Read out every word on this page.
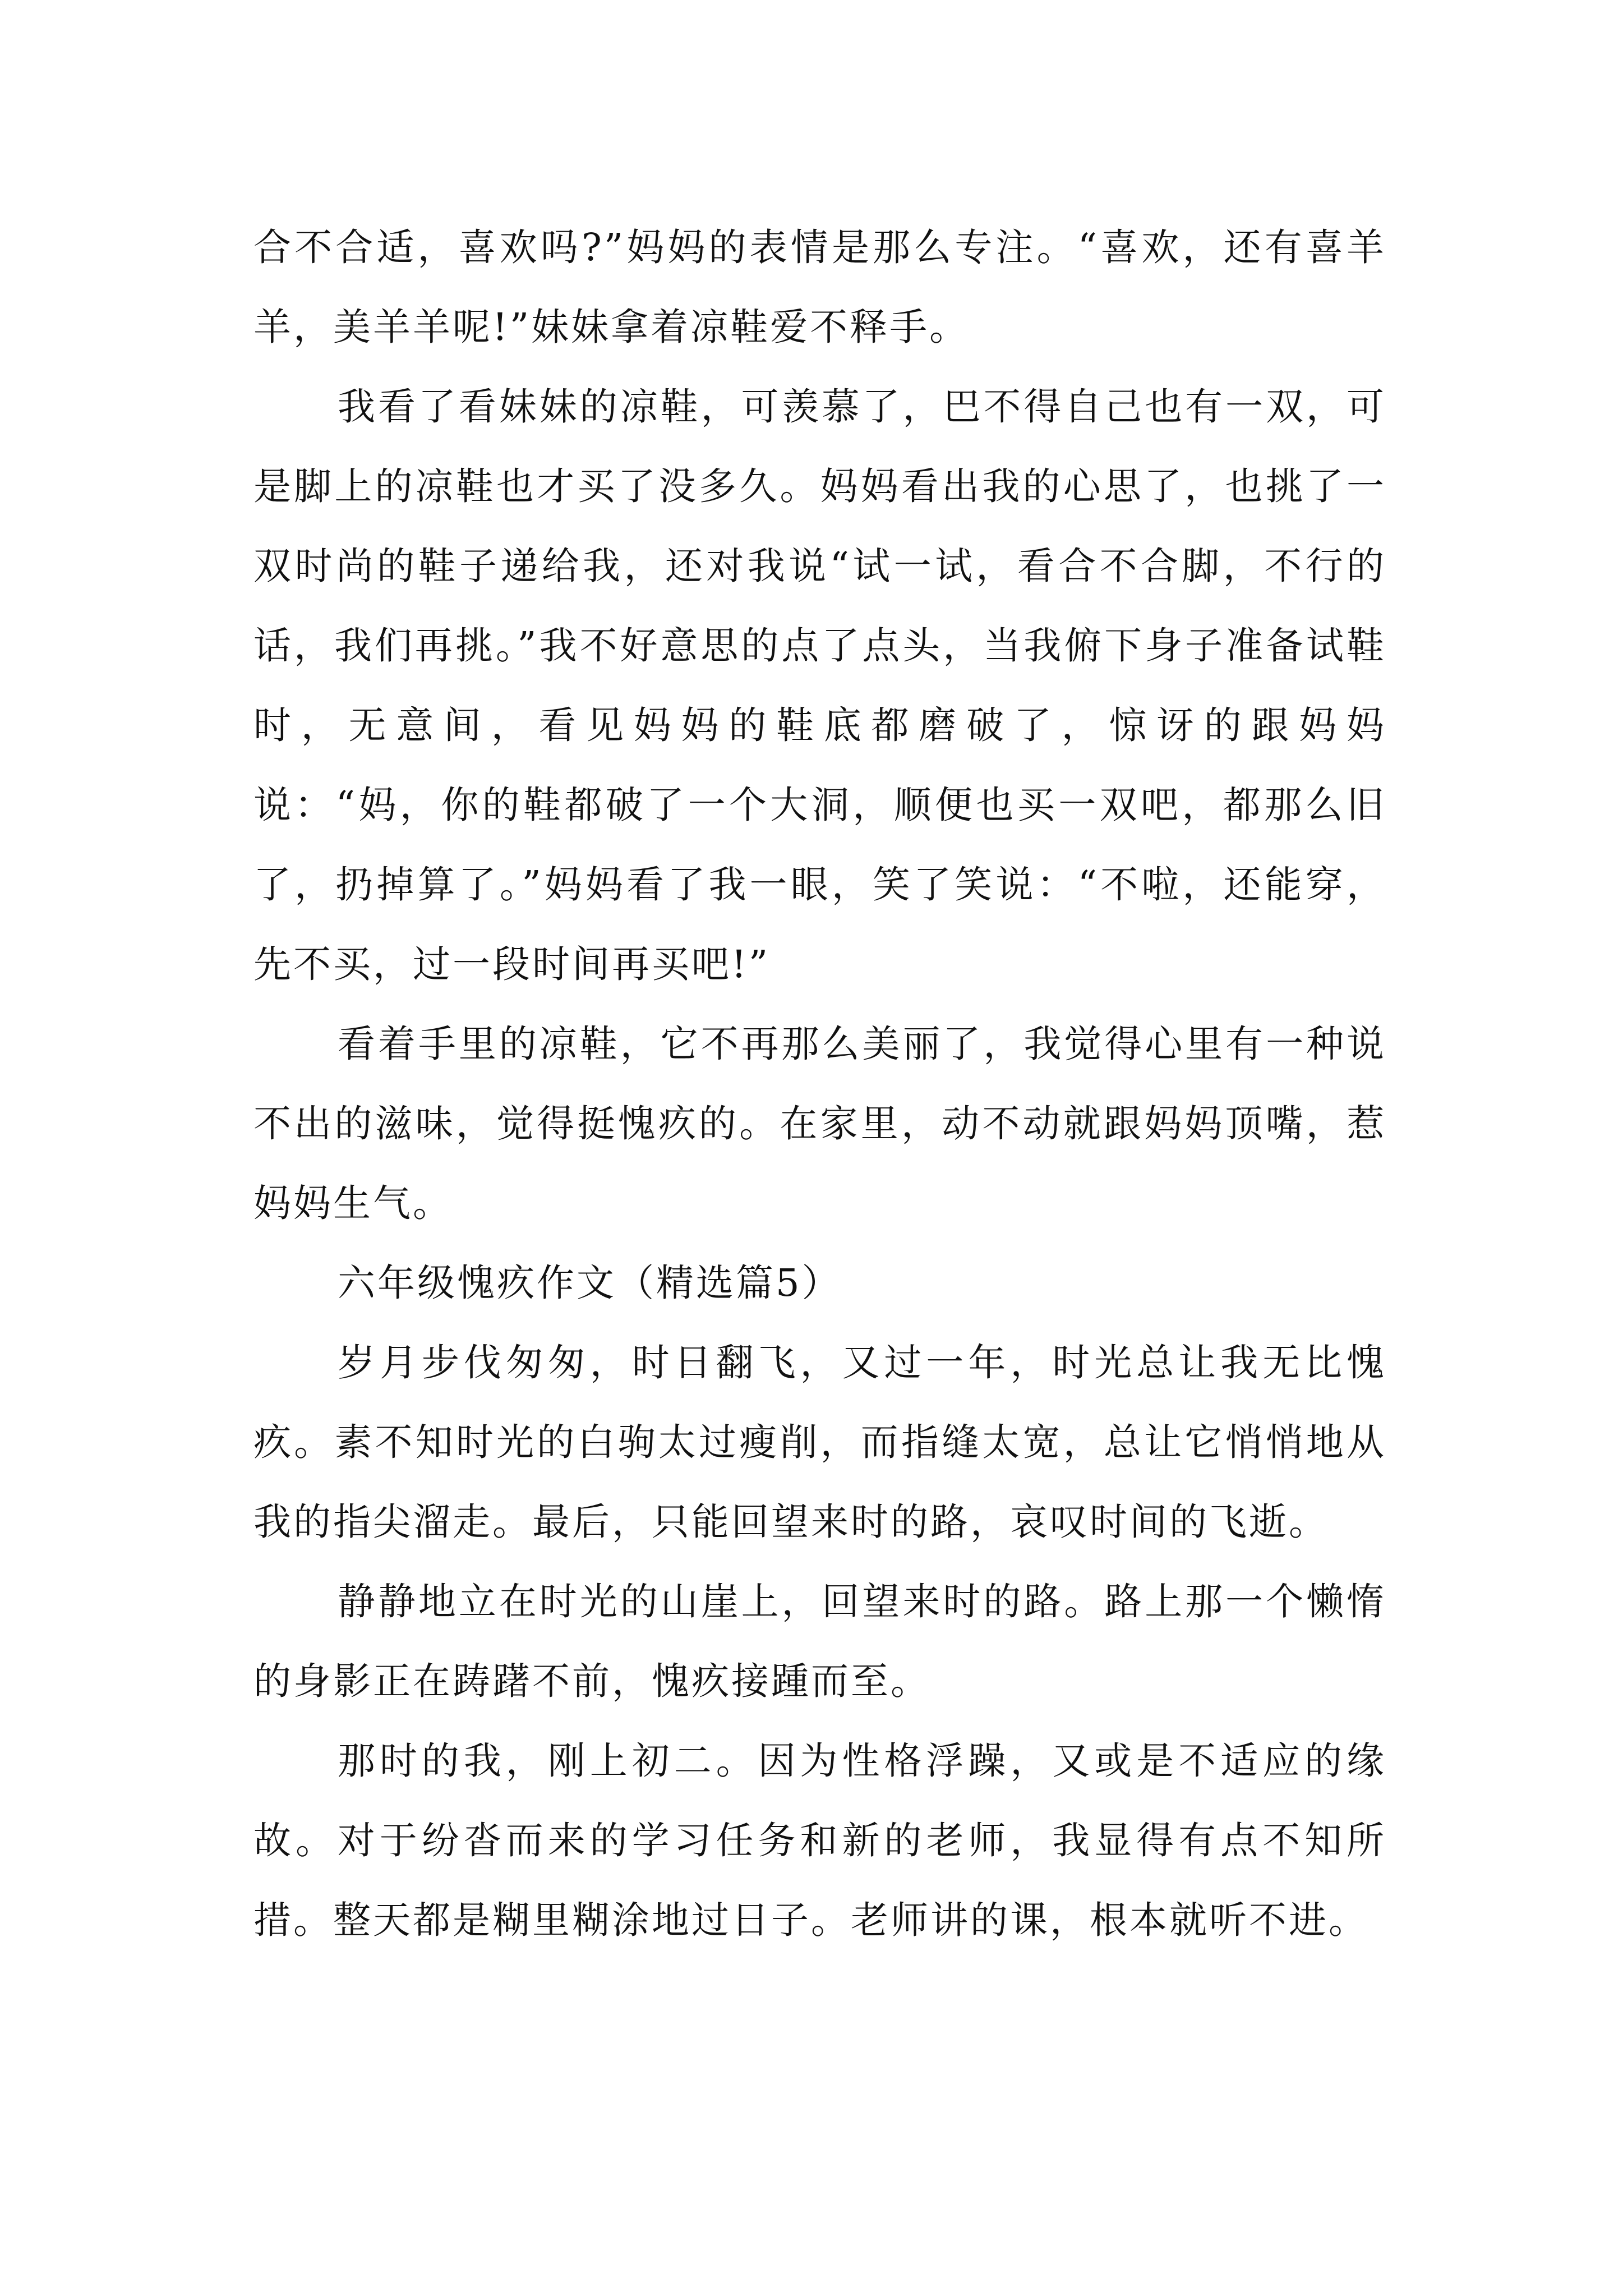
合不合适，喜欢吗?”妈妈的表情是那么专注。“喜欢，还有喜羊羊，美羊羊呢!”妹妹拿着凉鞋爱不释手。

我看了看妹妹的凉鞋，可羡慕了，巴不得自己也有一双，可是脚上的凉鞋也才买了没多久。妈妈看出我的心思了，也挑了一双时尚的鞋子递给我，还对我说“试一试，看合不合脚，不行的话，我们再挑。”我不好意思的点了点头，当我俯下身子准备试鞋时，无意间，看见妈妈的鞋底都磨破了，惊讶的跟妈妈说：“妈，你的鞋都破了一个大洞，顺便也买一双吧，都那么旧了，扔掉算了。”妈妈看了我一眼，笑了笑说：“不啦，还能穿，先不买，过一段时间再买吧!”

看着手里的凉鞋，它不再那么美丽了，我觉得心里有一种说不出的滋味，觉得挺愧疚的。在家里，动不动就跟妈妈顶嘴，惹妈妈生气。

六年级愧疚作文（精选篇5）

岁月步伐匆匆，时日翻飞，又过一年，时光总让我无比愧疚。素不知时光的白驹太过瘦削，而指缝太宽，总让它悄悄地从我的指尖溜走。最后，只能回望来时的路，哀叹时间的飞逝。

静静地立在时光的山崖上，回望来时的路。路上那一个懒惰的身影正在踌躇不前，愧疚接踵而至。

那时的我，刚上初二。因为性格浮躁，又或是不适应的缘故。对于纷沓而来的学习任务和新的老师，我显得有点不知所措。整天都是糊里糊涂地过日子。老师讲的课，根本就听不进。
